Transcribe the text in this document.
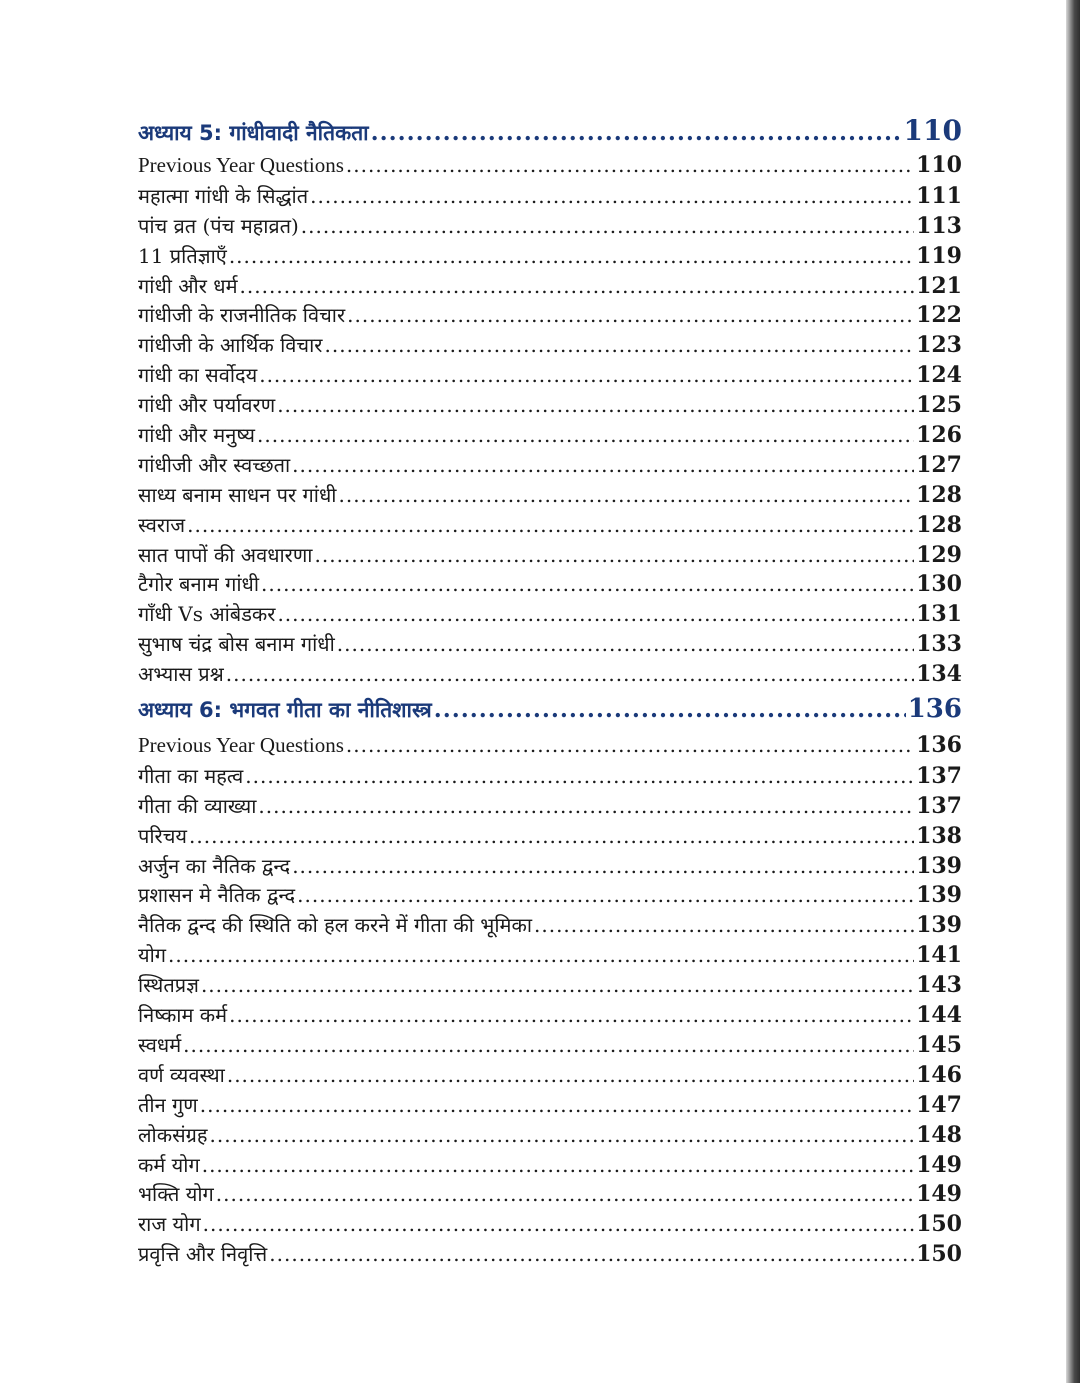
अध्याय 5: गांधीवादी नैतिकता .....	110
Previous Year Questions .....	110
महात्मा गांधी के सिद्धांत .....	111
पांच व्रत (पंच महाव्रत) .....	113
11 प्रतिज्ञाएँ .....	119
गांधी और धर्म .....	121
गांधीजी के राजनीतिक विचार .....	122
गांधीजी के आर्थिक विचार .....	123
गांधी का सर्वोदय .....	124
गांधी और पर्यावरण .....	125
गांधी और मनुष्य .....	126
गांधीजी और स्वच्छता .....	127
साध्य बनाम साधन पर गांधी .....	128
स्वराज .....	128
सात पापों की अवधारणा .....	129
टैगोर बनाम गांधी .....	130
गाँधी Vs आंबेडकर .....	131
सुभाष चंद्र बोस बनाम गांधी .....	133
अभ्यास प्रश्न .....	134
अध्याय 6: भगवत गीता का नीतिशास्त्र .....	136
Previous Year Questions .....	136
गीता का महत्व .....	137
गीता की व्याख्या .....	137
परिचय .....	138
अर्जुन का नैतिक द्वन्द .....	139
प्रशासन मे नैतिक द्वन्द .....	139
नैतिक द्वन्द की स्थिति को हल करने में गीता की भूमिका .....	139
योग .....	141
स्थितप्रज्ञ .....	143
निष्काम कर्म .....	144
स्वधर्म .....	145
वर्ण व्यवस्था .....	146
तीन गुण .....	147
लोकसंग्रह .....	148
कर्म योग .....	149
भक्ति योग .....	149
राज योग .....	150
प्रवृत्ति और निवृत्ति .....	150
